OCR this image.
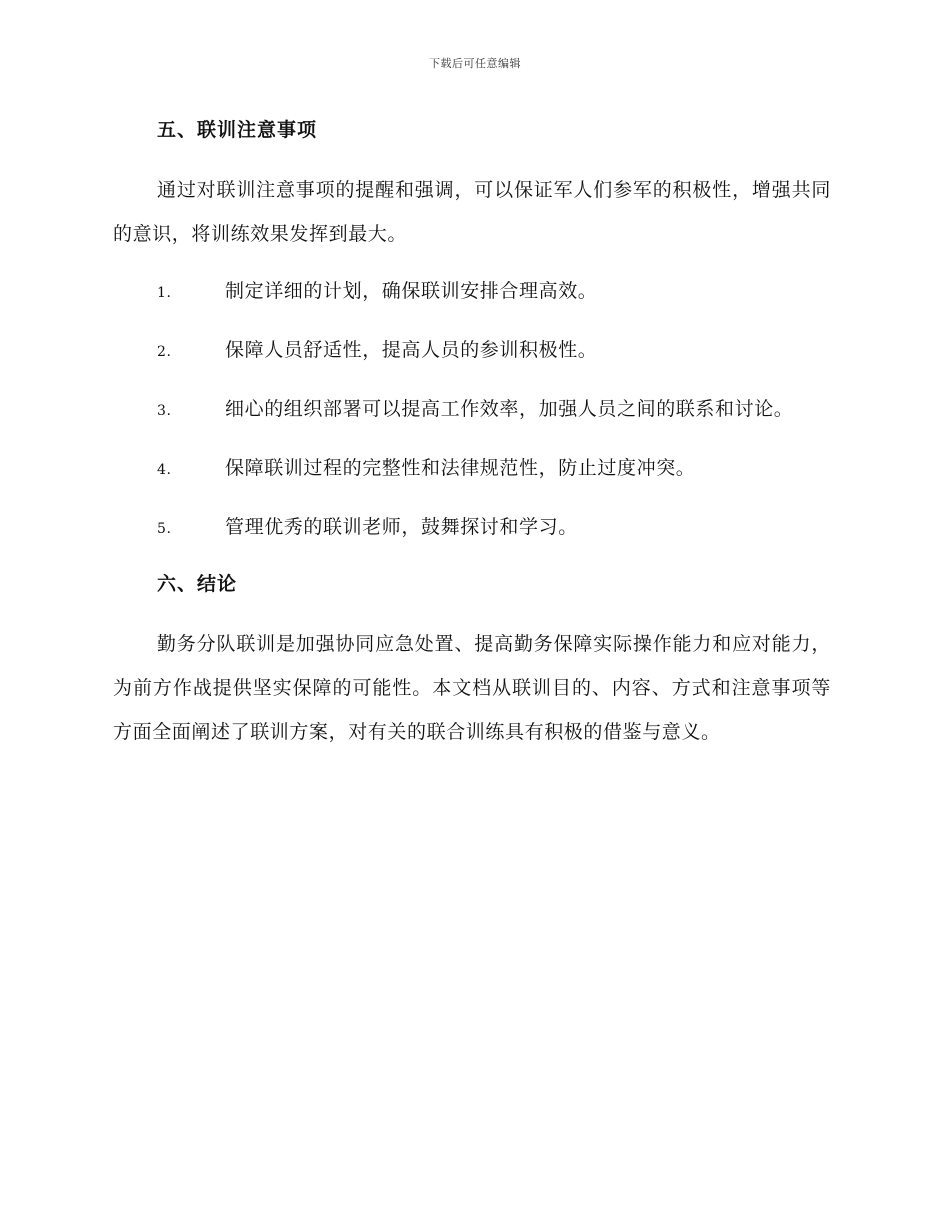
下载后可任意编辑
五、联训注意事项
通过对联训注意事项的提醒和强调，可以保证军人们参军的积极性，增强共同的意识，将训练效果发挥到最大。
1.	制定详细的计划，确保联训安排合理高效。
2.	保障人员舒适性，提高人员的参训积极性。
3.	细心的组织部署可以提高工作效率，加强人员之间的联系和讨论。
4.	保障联训过程的完整性和法律规范性，防止过度冲突。
5.	管理优秀的联训老师，鼓舞探讨和学习。
六、结论
勤务分队联训是加强协同应急处置、提高勤务保障实际操作能力和应对能力，为前方作战提供坚实保障的可能性。本文档从联训目的、内容、方式和注意事项等方面全面阐述了联训方案，对有关的联合训练具有积极的借鉴与意义。
